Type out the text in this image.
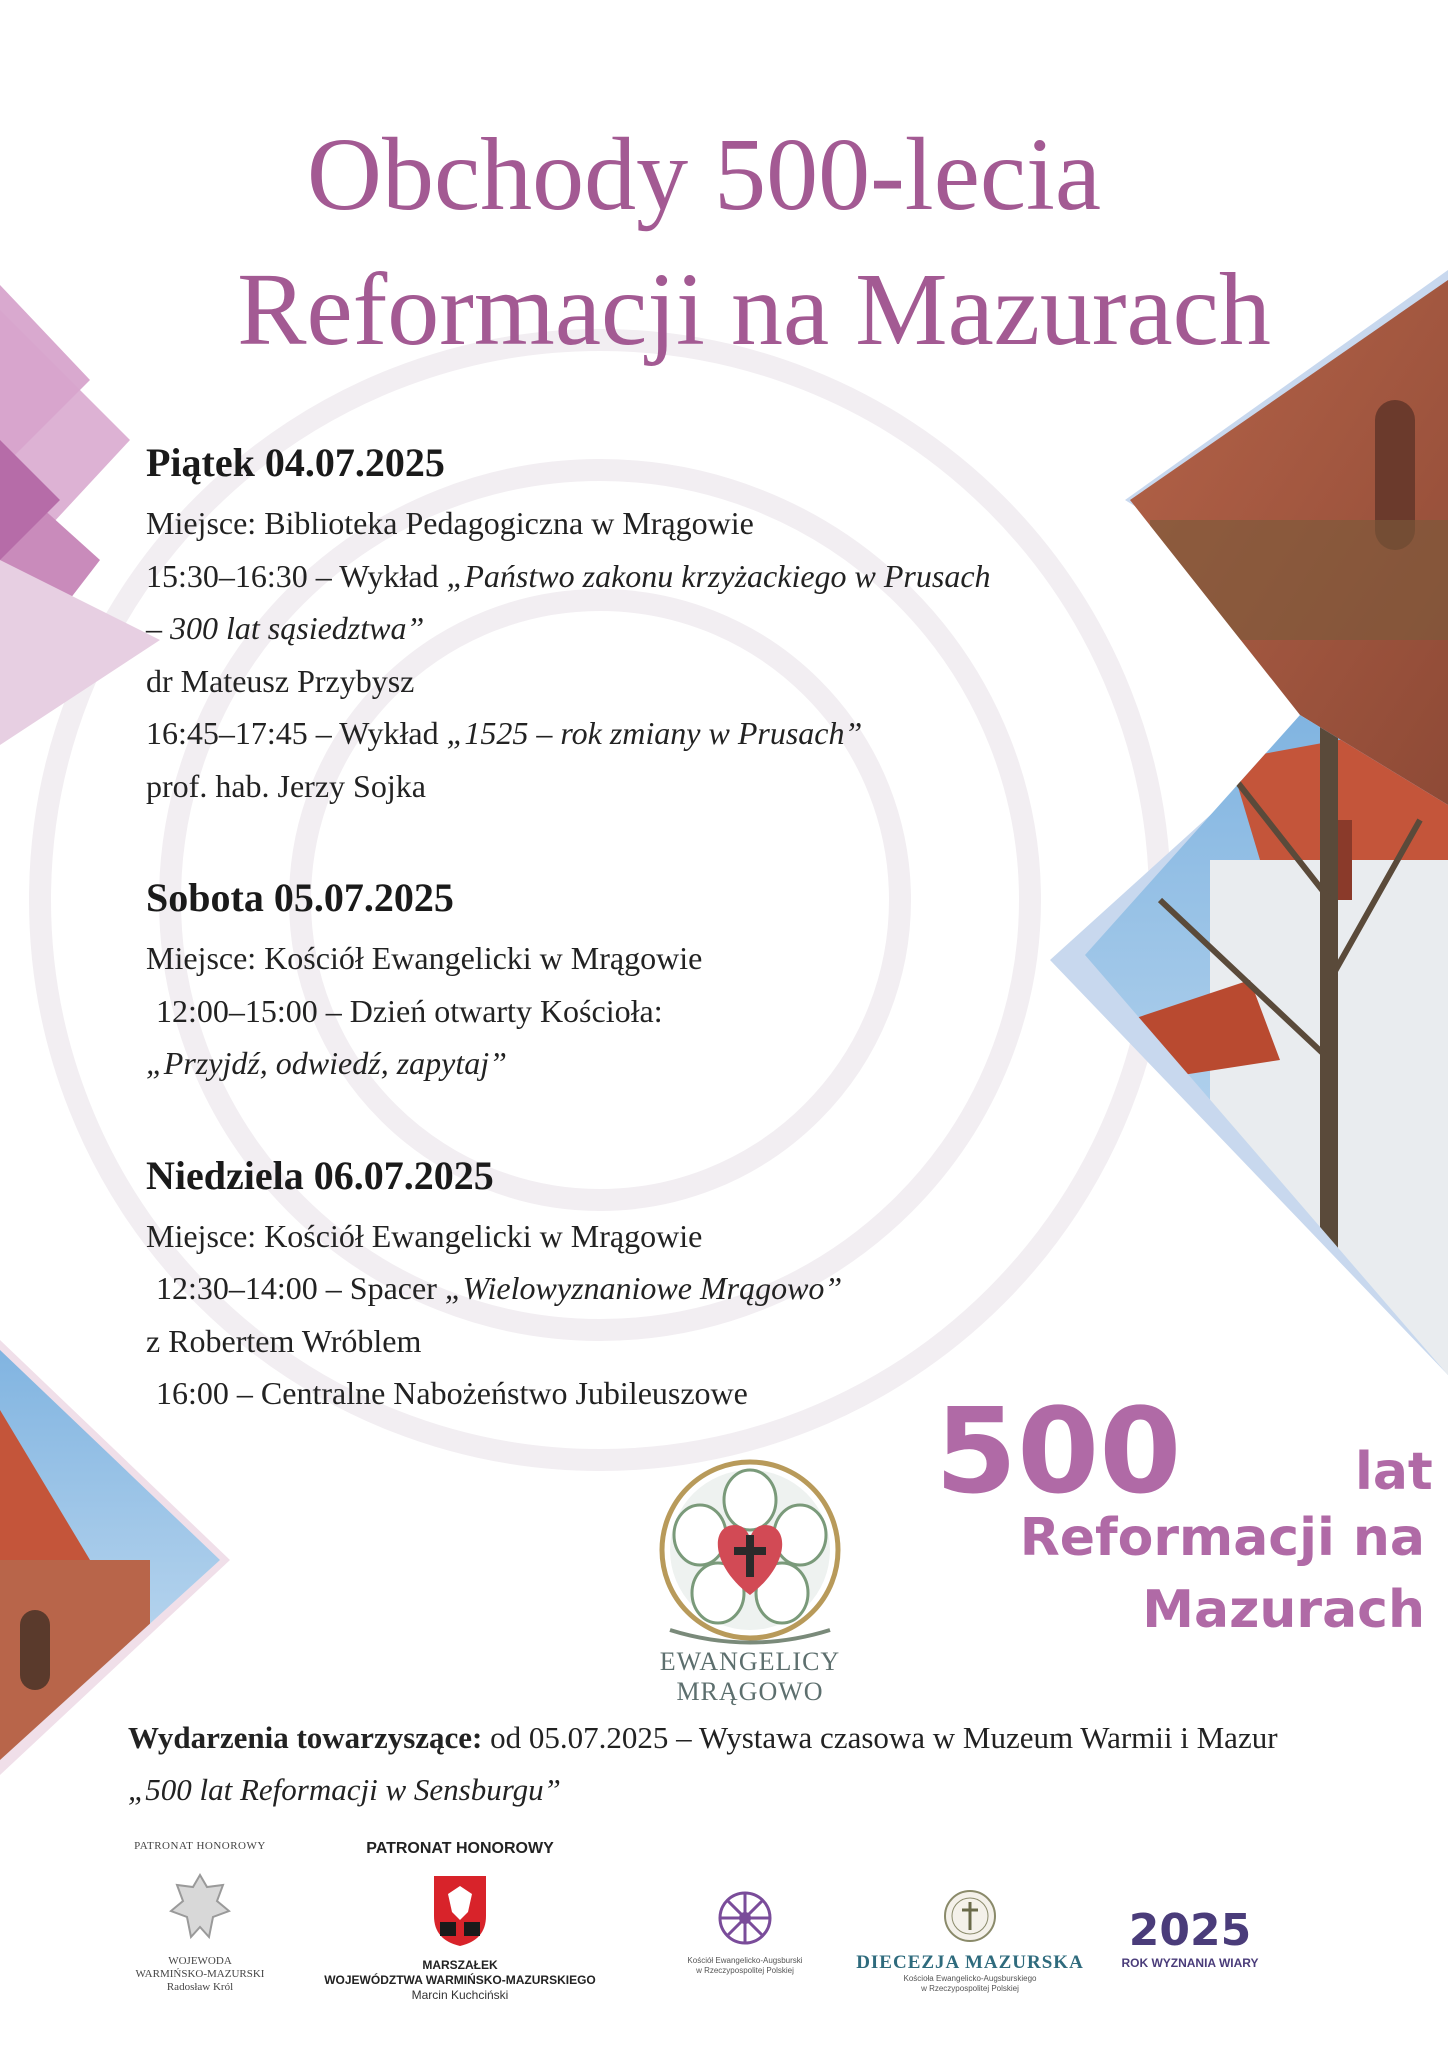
Obchody 500-lecia
Reformacji na Mazurach
Piątek 04.07.2025
Miejsce: Biblioteka Pedagogiczna w Mrągowie
15:30–16:30 – Wykład „Państwo zakonu krzyżackiego w Prusach
– 300 lat sąsiedztwa”
dr Mateusz Przybysz
16:45–17:45 – Wykład „1525 – rok zmiany w Prusach”
prof. hab. Jerzy Sojka
Sobota 05.07.2025
Miejsce: Kościół Ewangelicki w Mrągowie
12:00–15:00 – Dzień otwarty Kościoła:
„Przyjdź, odwiedź, zapytaj”
Niedziela 06.07.2025
Miejsce: Kościół Ewangelicki w Mrągowie
12:30–14:00 – Spacer „Wielowyznaniowe Mrągowo”
z Robertem Wróblem
16:00 – Centralne Nabożeństwo Jubileuszowe	500	lat
Reformacji na
Mazurach
EWANGELICY
MRĄGOWO
Wydarzenia towarzyszące: od 05.07.2025 – Wystawa czasowa w Muzeum Warmii i Mazur
„500 lat Reformacji w Sensburgu”
PATRONAT HONOROWY
WOJEWODA
WARMIŃSKO-MAZURSKI
Radosław Król
PATRONAT HONOROWY
MARSZAŁEK
WOJEWÓDZTWA WARMIŃSKO-MAZURSKIEGO
Marcin Kuchciński
Kościół Ewangelicko-Augsburski
w Rzeczypospolitej Polskiej	DIECEZJA MAZURSKA
Kościoła Ewangelicko-Augsburskiego
w Rzeczypospolitej Polskiej
2025
ROK WYZNANIA WIARY
